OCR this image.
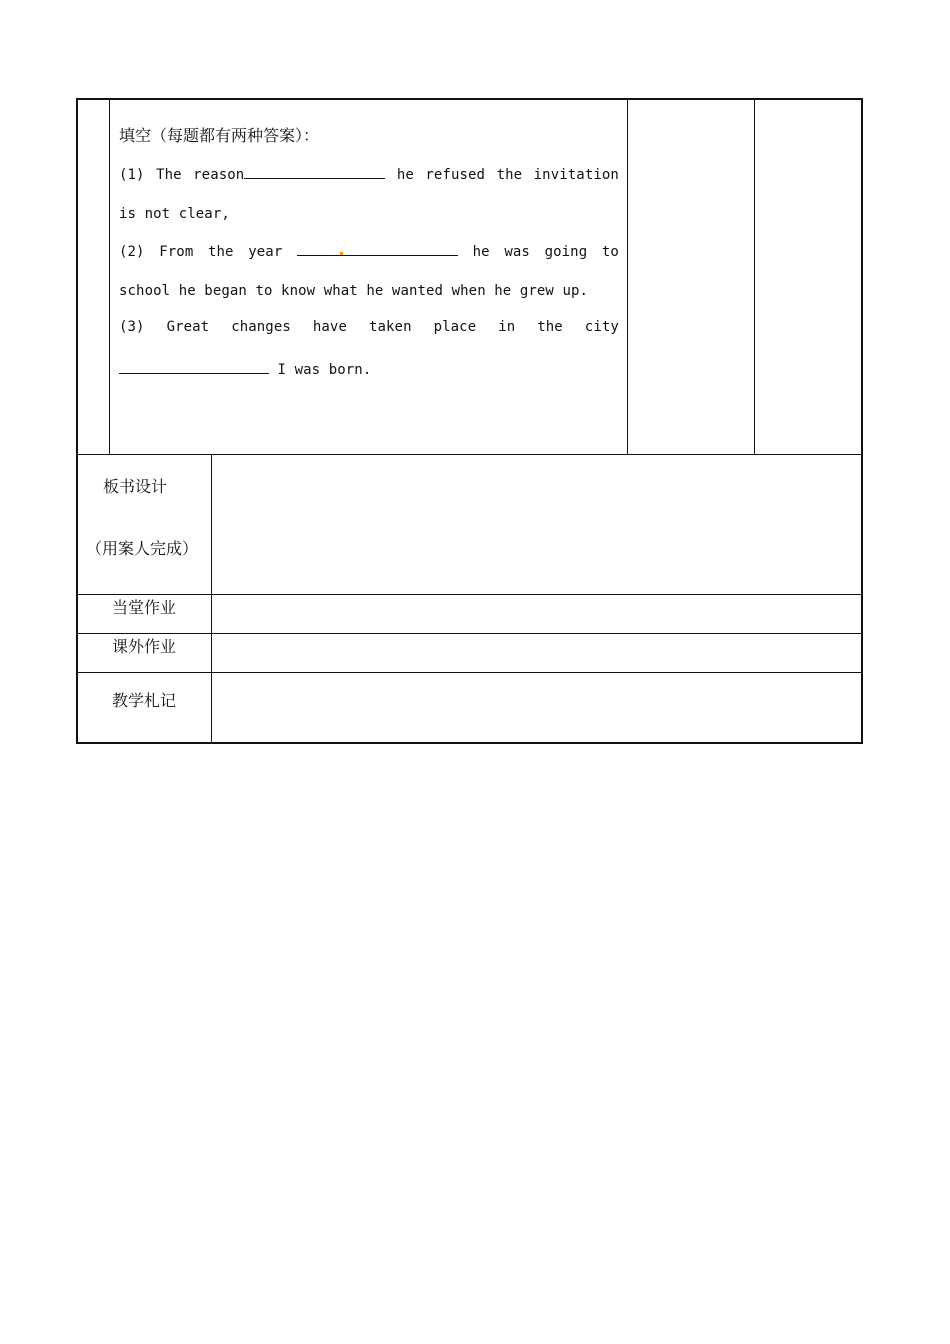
填空（每题都有两种答案）：
(1) The reason	he refused the invitation
is not clear,
(2) From the year	he was going to
school he began to know what he wanted when he grew up.
(3) Great changes have taken place in the city
I was born.
板书设计
（用案人完成）
当堂作业
课外作业
教学札记
